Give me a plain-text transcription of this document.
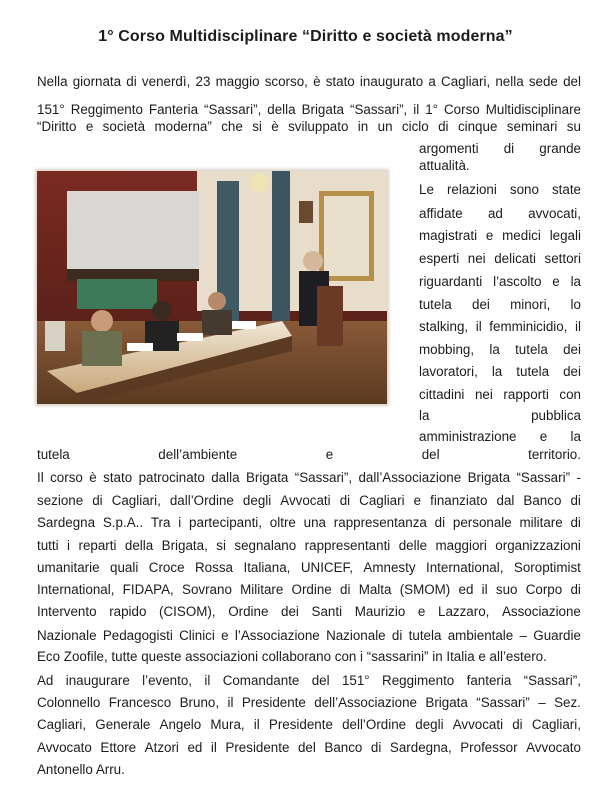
1° Corso Multidisciplinare “Diritto e società moderna”
Nella giornata di venerdì, 23 maggio scorso, è stato inaugurato a Cagliari, nella sede del
151° Reggimento Fanteria “Sassari”, della Brigata “Sassari”, il 1° Corso Multidisciplinare
“Diritto e società moderna” che si è sviluppato in un ciclo di cinque seminari su
argomenti di grande
attualità.
Le relazioni sono state
affidate ad avvocati,
magistrati e medici legali
esperti nei delicati settori
riguardanti l’ascolto e la
tutela dei minori, lo
stalking, il femminicidio, il
mobbing, la tutela dei
lavoratori, la tutela dei
cittadini nei rapporti con
la	pubblica
amministrazione e la
tutela	dell’ambiente	e	del	territorio.
Il corso è stato patrocinato dalla Brigata “Sassari”, dall’Associazione Brigata “Sassari” -
sezione di Cagliari, dall’Ordine degli Avvocati di Cagliari e finanziato dal Banco di
Sardegna S.p.A.. Tra i partecipanti, oltre una rappresentanza di personale militare di
tutti i reparti della Brigata, si segnalano rappresentanti delle maggiori organizzazioni
umanitarie quali Croce Rossa Italiana, UNICEF, Amnesty International, Soroptimist
International, FIDAPA, Sovrano Militare Ordine di Malta (SMOM) ed il suo Corpo di
Intervento rapido (CISOM), Ordine dei Santi Maurizio e Lazzaro, Associazione
Nazionale Pedagogisti Clinici e l’Associazione Nazionale di tutela ambientale – Guardie
Eco Zoofile, tutte queste associazioni collaborano con i “sassarini” in Italia e all’estero.
Ad inaugurare l’evento, il Comandante del 151° Reggimento fanteria “Sassari”,
Colonnello Francesco Bruno, il Presidente dell’Associazione Brigata “Sassari” – Sez.
Cagliari, Generale Angelo Mura, il Presidente dell’Ordine degli Avvocati di Cagliari,
Avvocato Ettore Atzori ed il Presidente del Banco di Sardegna, Professor Avvocato
Antonello Arru.
